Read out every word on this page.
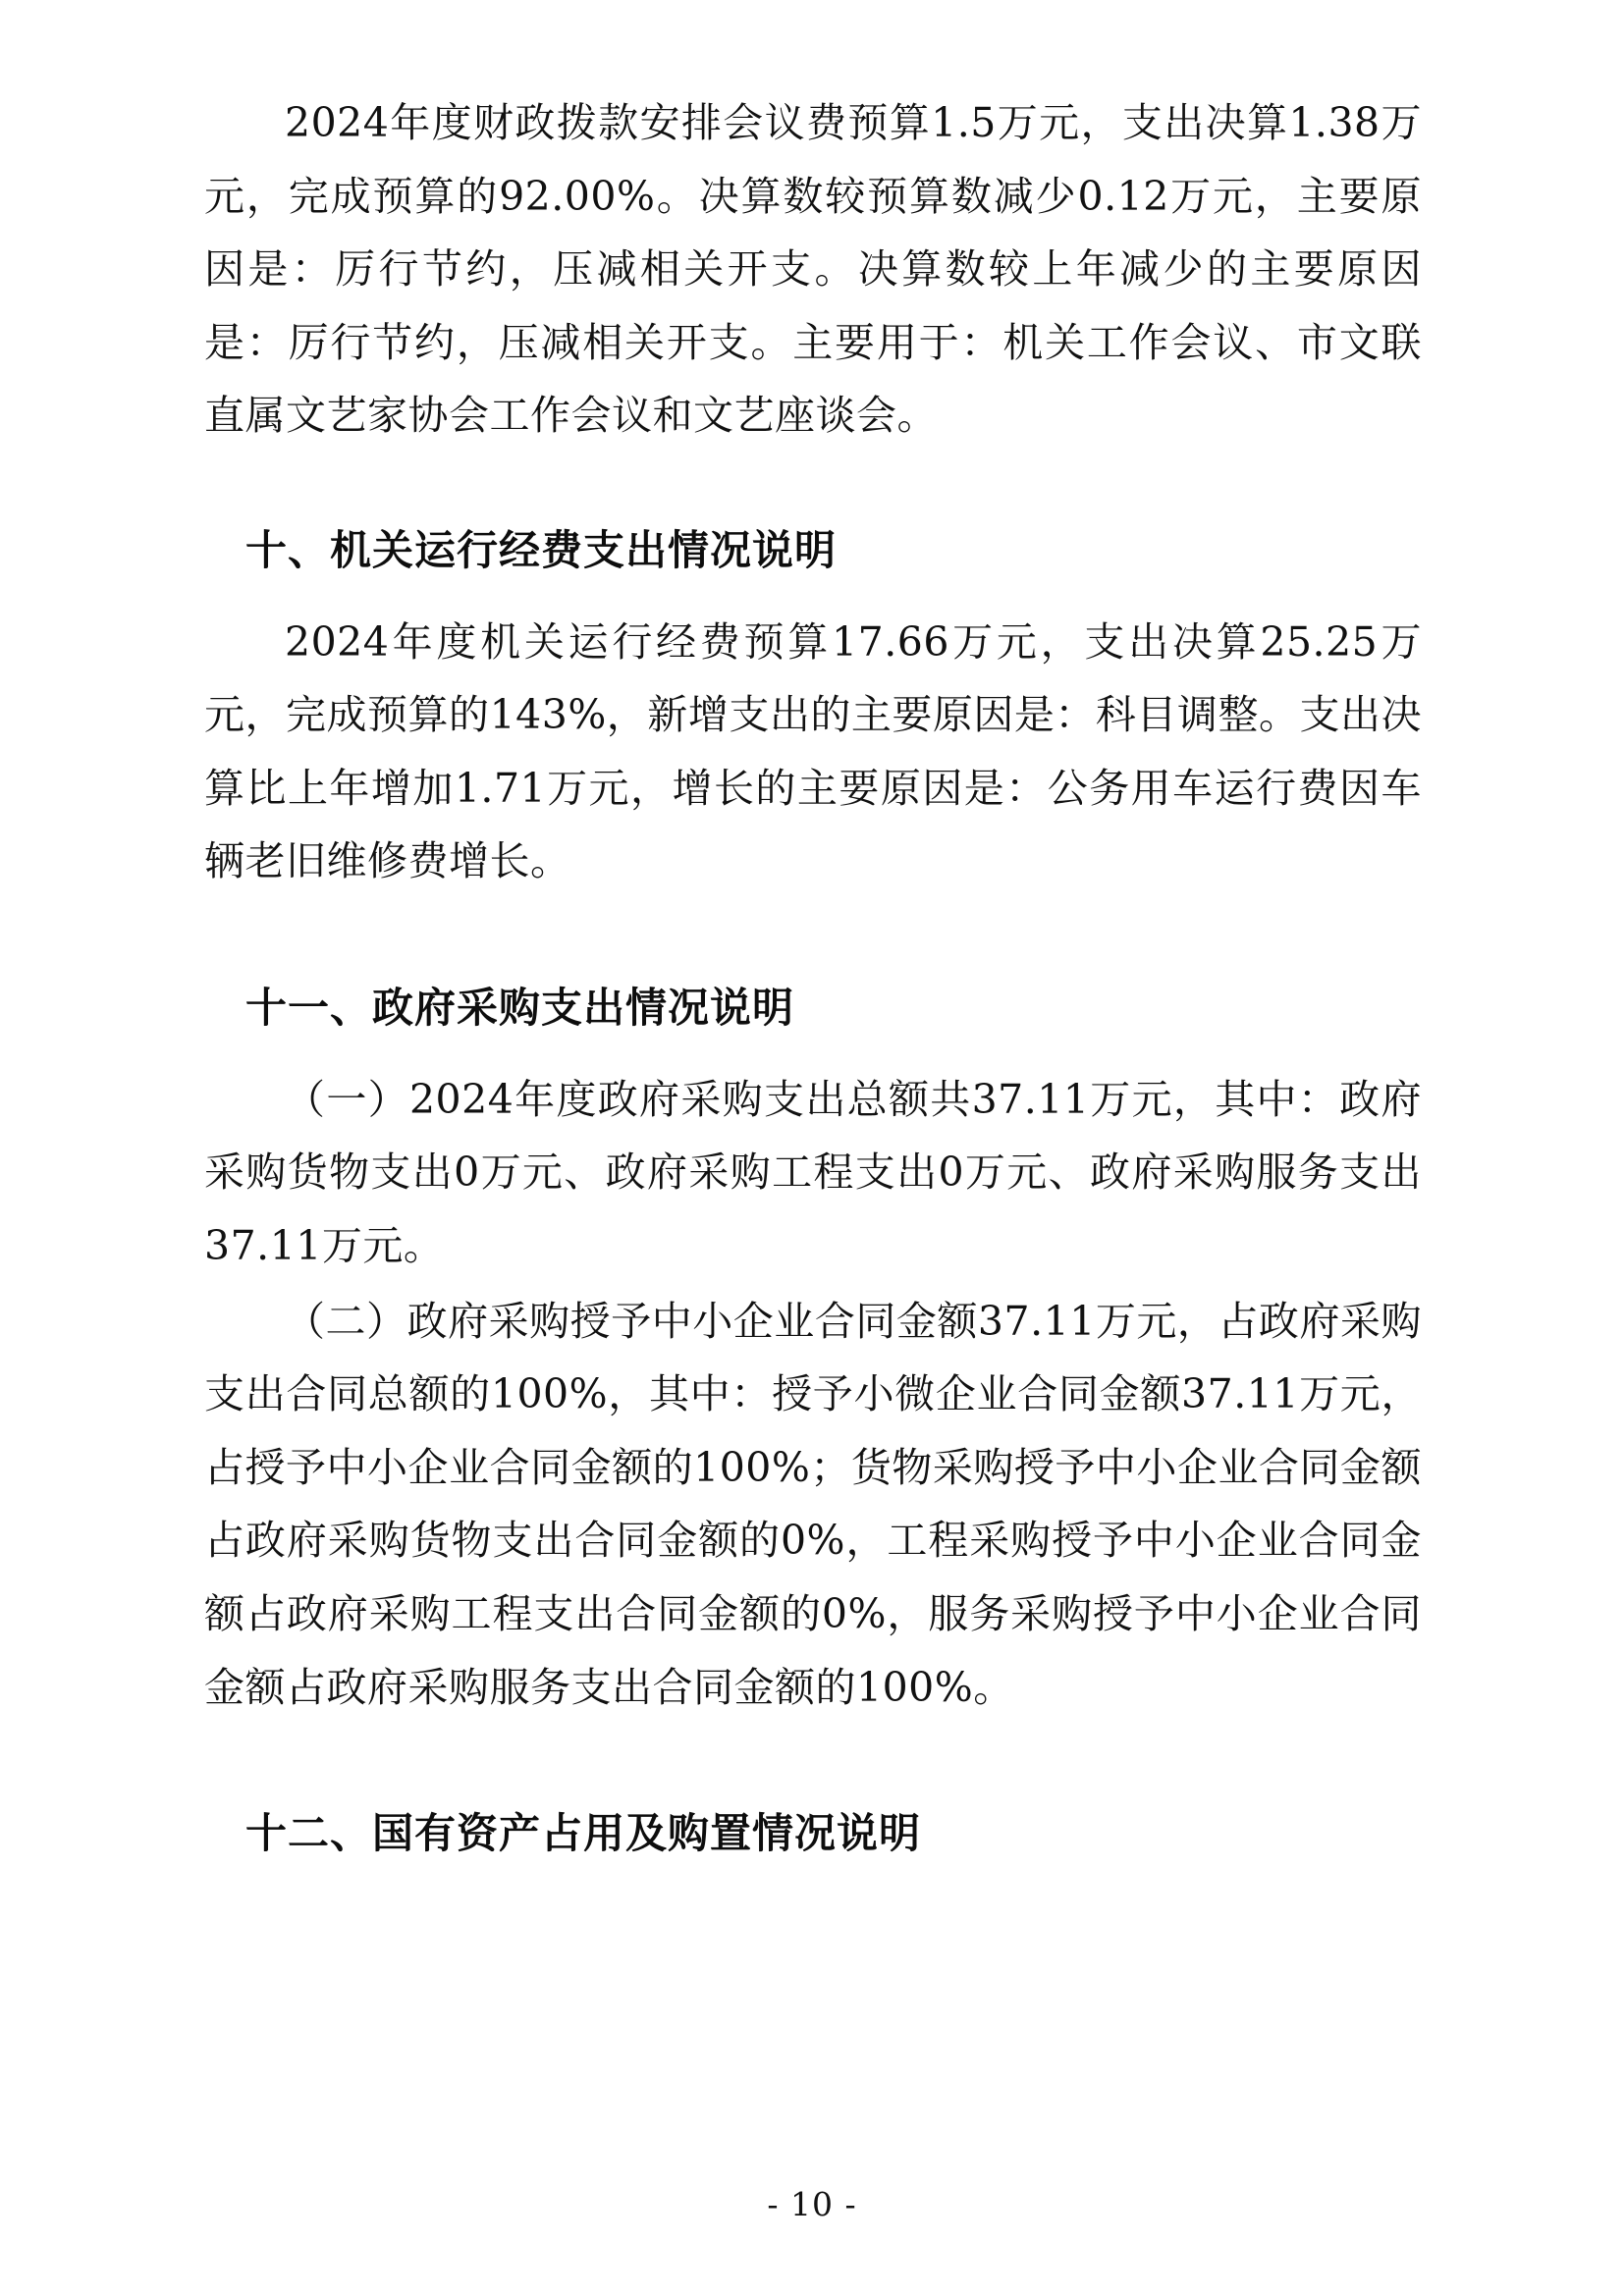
2024年度财政拨款安排会议费预算1.5万元，支出决算1.38万元，完成预算的92.00%。决算数较预算数减少0.12万元，主要原因是：厉行节约，压减相关开支。决算数较上年减少的主要原因是：厉行节约，压减相关开支。主要用于：机关工作会议、市文联直属文艺家协会工作会议和文艺座谈会。

十、机关运行经费支出情况说明

2024年度机关运行经费预算17.66万元，支出决算25.25万元，完成预算的143%，新增支出的主要原因是：科目调整。支出决算比上年增加1.71万元，增长的主要原因是：公务用车运行费因车辆老旧维修费增长。

十一、政府采购支出情况说明

（一）2024年度政府采购支出总额共37.11万元，其中：政府采购货物支出0万元、政府采购工程支出0万元、政府采购服务支出37.11万元。

（二）政府采购授予中小企业合同金额37.11万元，占政府采购支出合同总额的100%，其中：授予小微企业合同金额37.11万元，占授予中小企业合同金额的100%；货物采购授予中小企业合同金额占政府采购货物支出合同金额的0%，工程采购授予中小企业合同金额占政府采购工程支出合同金额的0%，服务采购授予中小企业合同金额占政府采购服务支出合同金额的100%。

十二、国有资产占用及购置情况说明
- 10 -
